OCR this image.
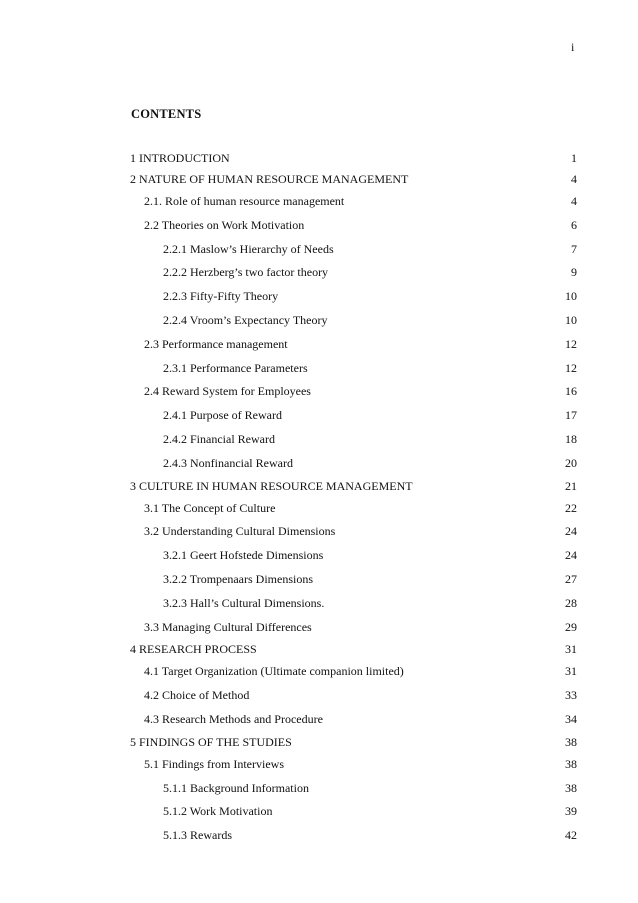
i
CONTENTS
1 INTRODUCTION	1
2 NATURE OF HUMAN RESOURCE MANAGEMENT	4
2.1. Role of human resource management	4
2.2 Theories on Work Motivation	6
2.2.1 Maslow’s Hierarchy of Needs	7
2.2.2 Herzberg’s two factor theory	9
2.2.3 Fifty-Fifty Theory	10
2.2.4 Vroom’s Expectancy Theory	10
2.3 Performance management	12
2.3.1 Performance Parameters	12
2.4 Reward System for Employees	16
2.4.1 Purpose of Reward	17
2.4.2 Financial Reward	18
2.4.3 Nonfinancial Reward	20
3 CULTURE IN HUMAN RESOURCE MANAGEMENT	21
3.1 The Concept of Culture	22
3.2 Understanding Cultural Dimensions	24
3.2.1 Geert Hofstede Dimensions	24
3.2.2 Trompenaars Dimensions	27
3.2.3 Hall’s Cultural Dimensions.	28
3.3 Managing Cultural Differences	29
4 RESEARCH PROCESS	31
4.1 Target Organization (Ultimate companion limited)	31
4.2 Choice of Method	33
4.3 Research Methods and Procedure	34
5 FINDINGS OF THE STUDIES	38
5.1 Findings from Interviews	38
5.1.1 Background Information	38
5.1.2 Work Motivation	39
5.1.3 Rewards	42
